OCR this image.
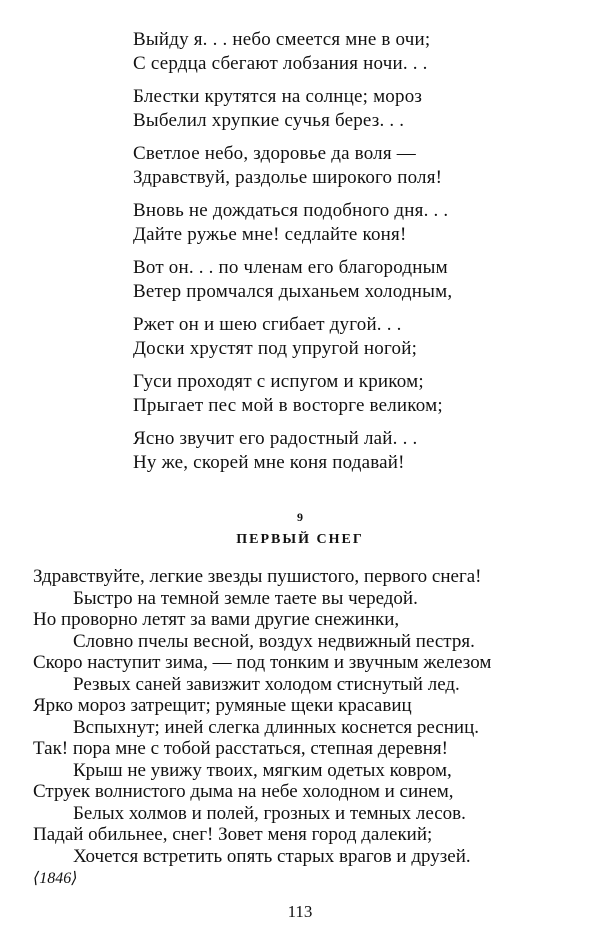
Выйду я. . . небо смеется мне в очи;
С сердца сбегают лобзания ночи. . .
Блестки крутятся на солнце; мороз
Выбелил хрупкие сучья берез. . .
Светлое небо, здоровье да воля —
Здравствуй, раздолье широкого поля!
Вновь не дождаться подобного дня. . .
Дайте ружье мне! седлайте коня!
Вот он. . . по членам его благородным
Ветер промчался дыханьем холодным,
Ржет он и шею сгибает дугой. . .
Доски хрустят под упругой ногой;
Гуси проходят с испугом и криком;
Прыгает пес мой в восторге великом;
Ясно звучит его радостный лай. . .
Ну же, скорей мне коня подавай!

9

ПЕРВЫЙ СНЕГ

Здравствуйте, легкие звезды пушистого, первого снега!
Быстро на темной земле таете вы чередой.
Но проворно летят за вами другие снежинки,
Словно пчелы весной, воздух недвижный пестря.
Скоро наступит зима, — под тонким и звучным железом
Резвых саней завизжит холодом стиснутый лед.
Ярко мороз затрещит; румяные щеки красавиц
Вспыхнут; иней слегка длинных коснется ресниц.
Так! пора мне с тобой расстаться, степная деревня!
Крыш не увижу твоих, мягким одетых ковром,
Струек волнистого дыма на небе холодном и синем,
Белых холмов и полей, грозных и темных лесов.
Падай обильнее, снег! Зовет меня город далекий;
Хочется встретить опять старых врагов и друзей.

⟨1846⟩

113
